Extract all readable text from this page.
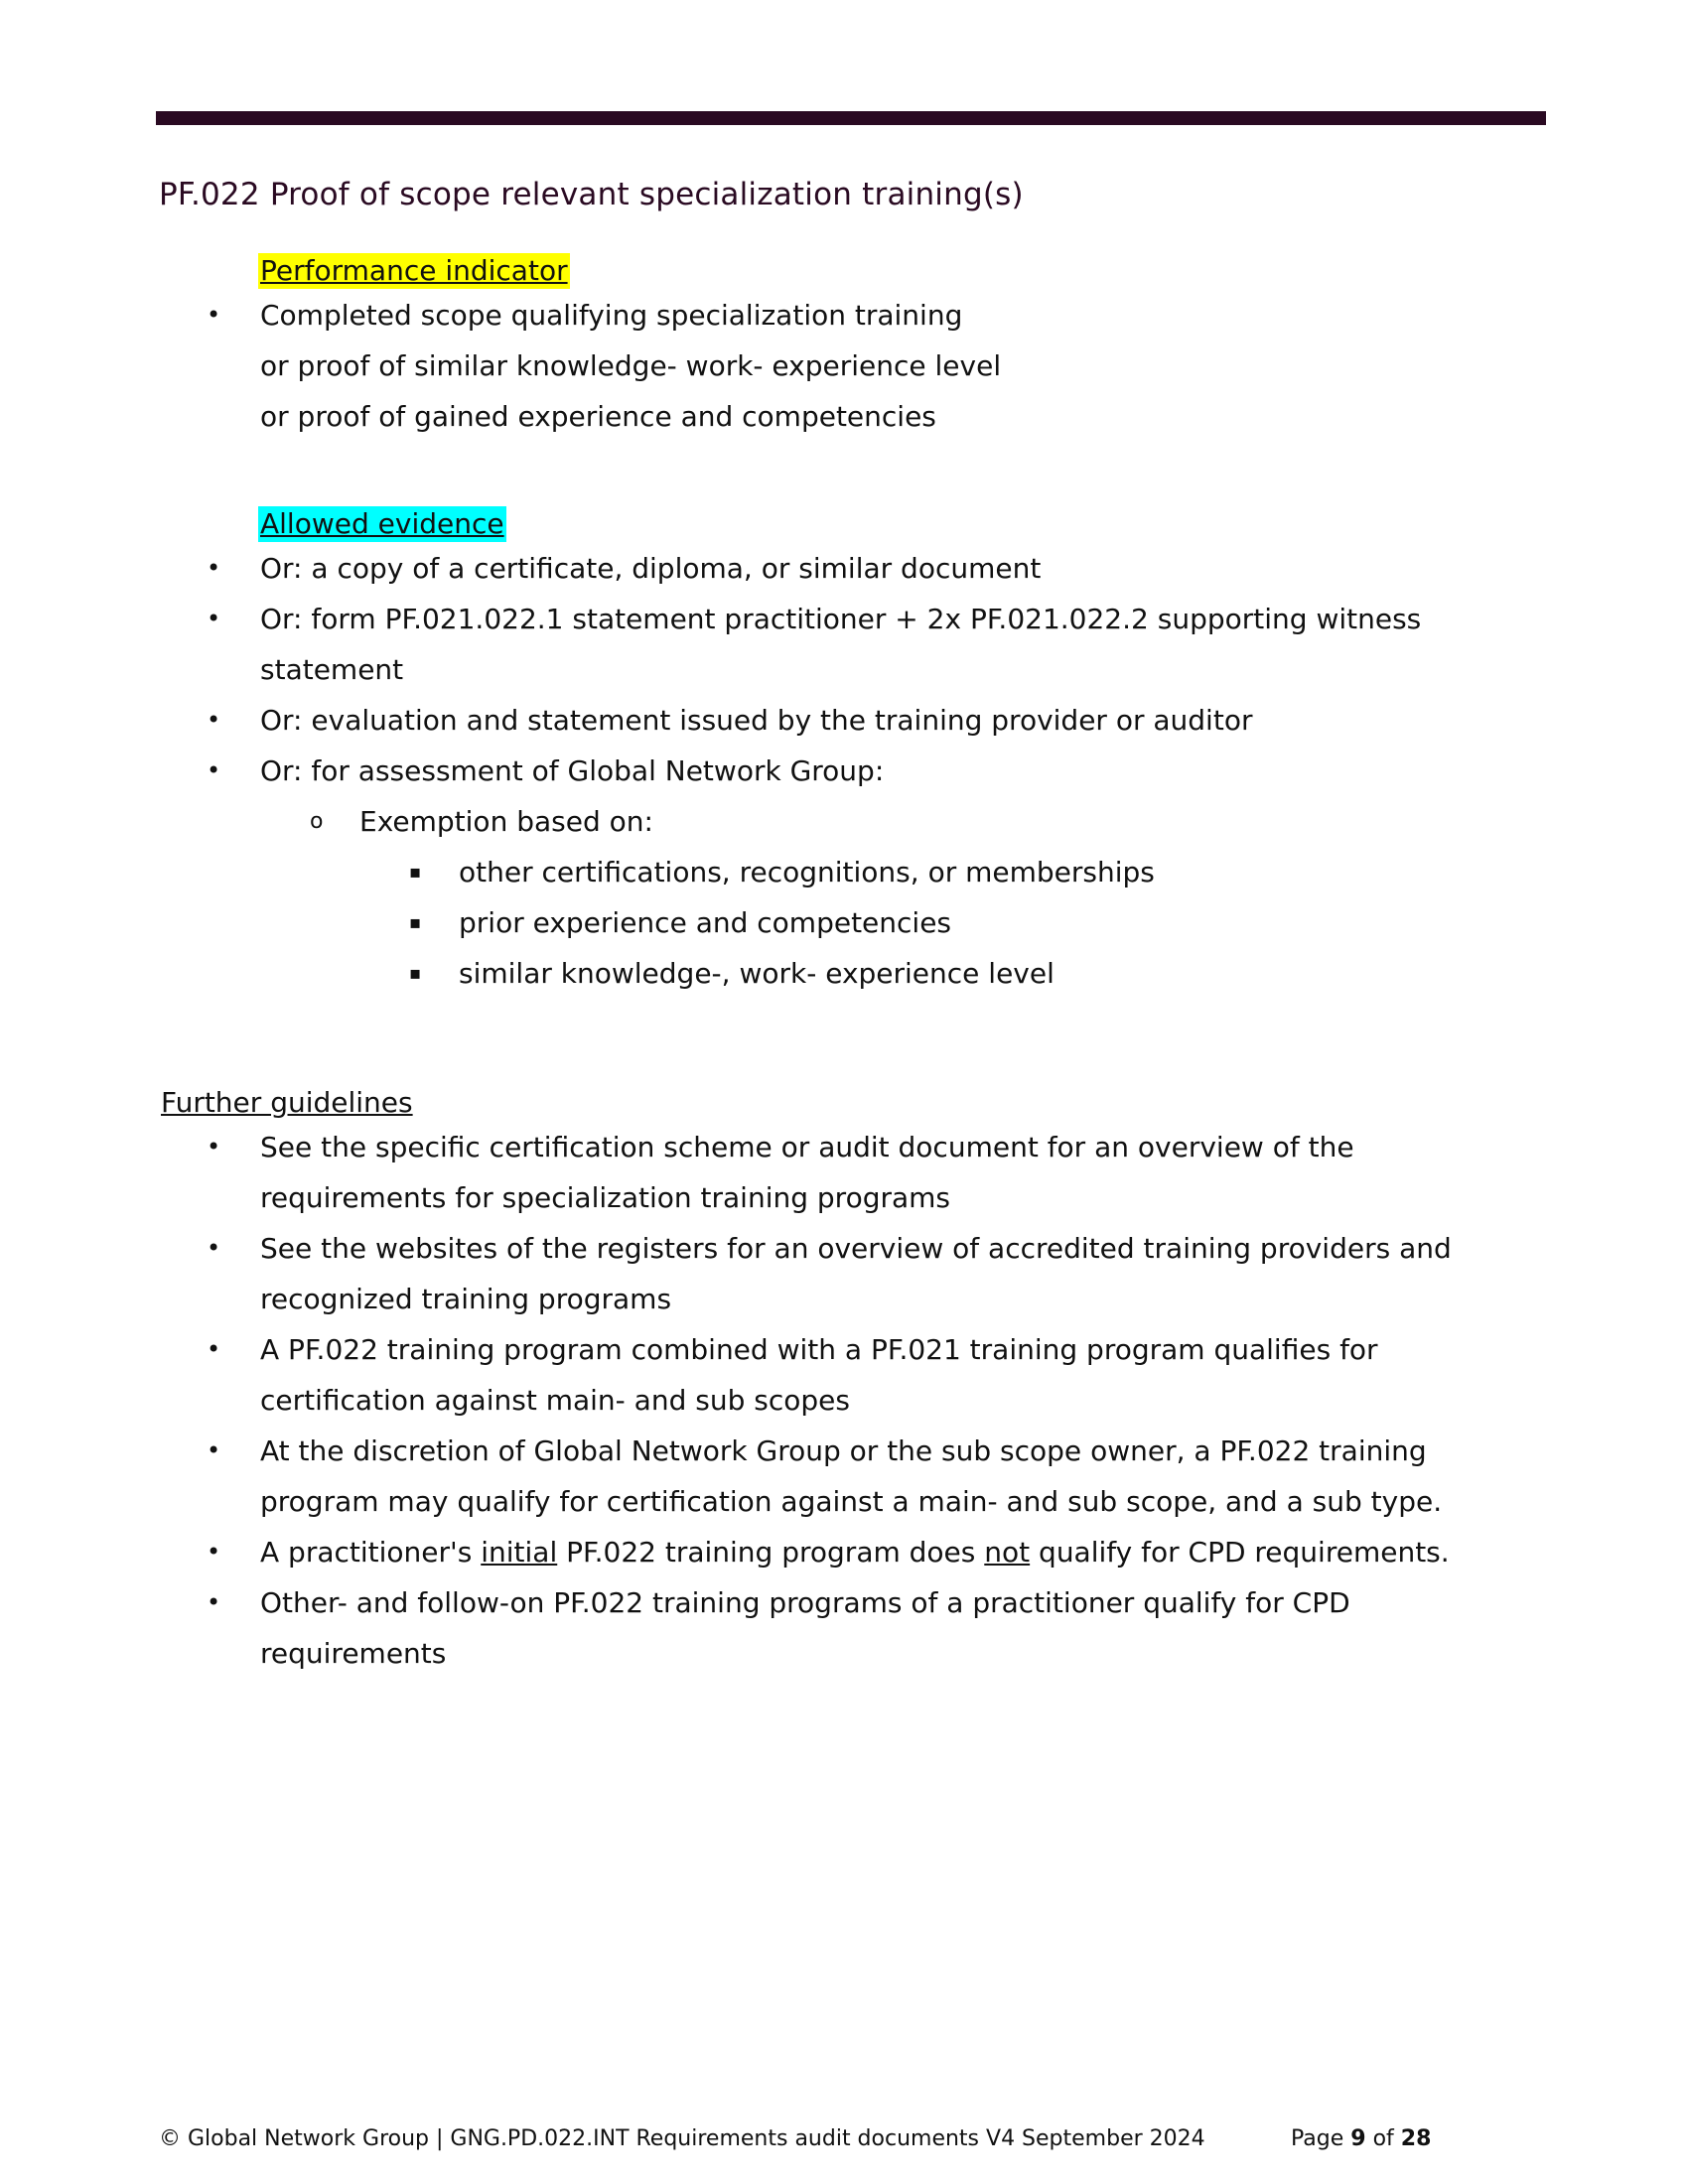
PF.022 Proof of scope relevant specialization training(s)
Performance indicator
• Completed scope qualifying specialization training
or proof of similar knowledge- work- experience level
or proof of gained experience and competencies
Allowed evidence
• Or: a copy of a certificate, diploma, or similar document
• Or: form PF.021.022.1 statement practitioner + 2x PF.021.022.2 supporting witness
statement
• Or: evaluation and statement issued by the training provider or auditor
• Or: for assessment of Global Network Group:
o Exemption based on:
▪ other certifications, recognitions, or memberships
▪ prior experience and competencies
▪ similar knowledge-, work- experience level
Further guidelines
• See the specific certification scheme or audit document for an overview of the
requirements for specialization training programs
• See the websites of the registers for an overview of accredited training providers and
recognized training programs
• A PF.022 training program combined with a PF.021 training program qualifies for
certification against main- and sub scopes
• At the discretion of Global Network Group or the sub scope owner, a PF.022 training
program may qualify for certification against a main- and sub scope, and a sub type.
• A practitioner's initial PF.022 training program does not qualify for CPD requirements.
• Other- and follow-on PF.022 training programs of a practitioner qualify for CPD
requirements
© Global Network Group | GNG.PD.022.INT Requirements audit documents V4 September 2024	Page 9 of 28
